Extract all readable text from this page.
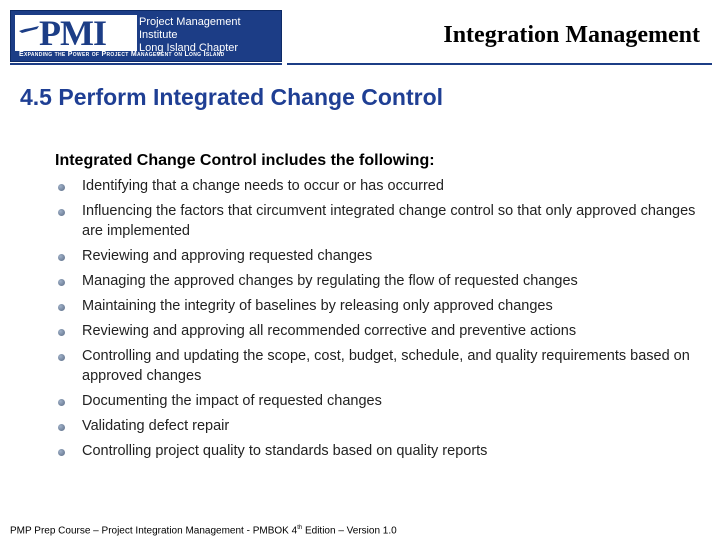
PMI	Project Management Institute
Long Island Chapter
Expanding the Power of Project Management on Long Island
Integration Management
4.5 Perform Integrated Change Control
Integrated Change Control includes the following:
Identifying that a change needs to occur or has occurred
Influencing the factors that circumvent integrated change control so that only approved changes are implemented
Reviewing and approving requested changes
Managing the approved changes by regulating the flow of requested changes
Maintaining the integrity of baselines by releasing only approved changes
Reviewing and approving all recommended corrective and preventive actions
Controlling and updating the scope, cost, budget, schedule, and quality requirements based on approved changes
Documenting the impact of requested changes
Validating defect repair
Controlling project quality to standards based on quality reports
PMP Prep Course – Project Integration Management - PMBOK 4th Edition – Version 1.0
